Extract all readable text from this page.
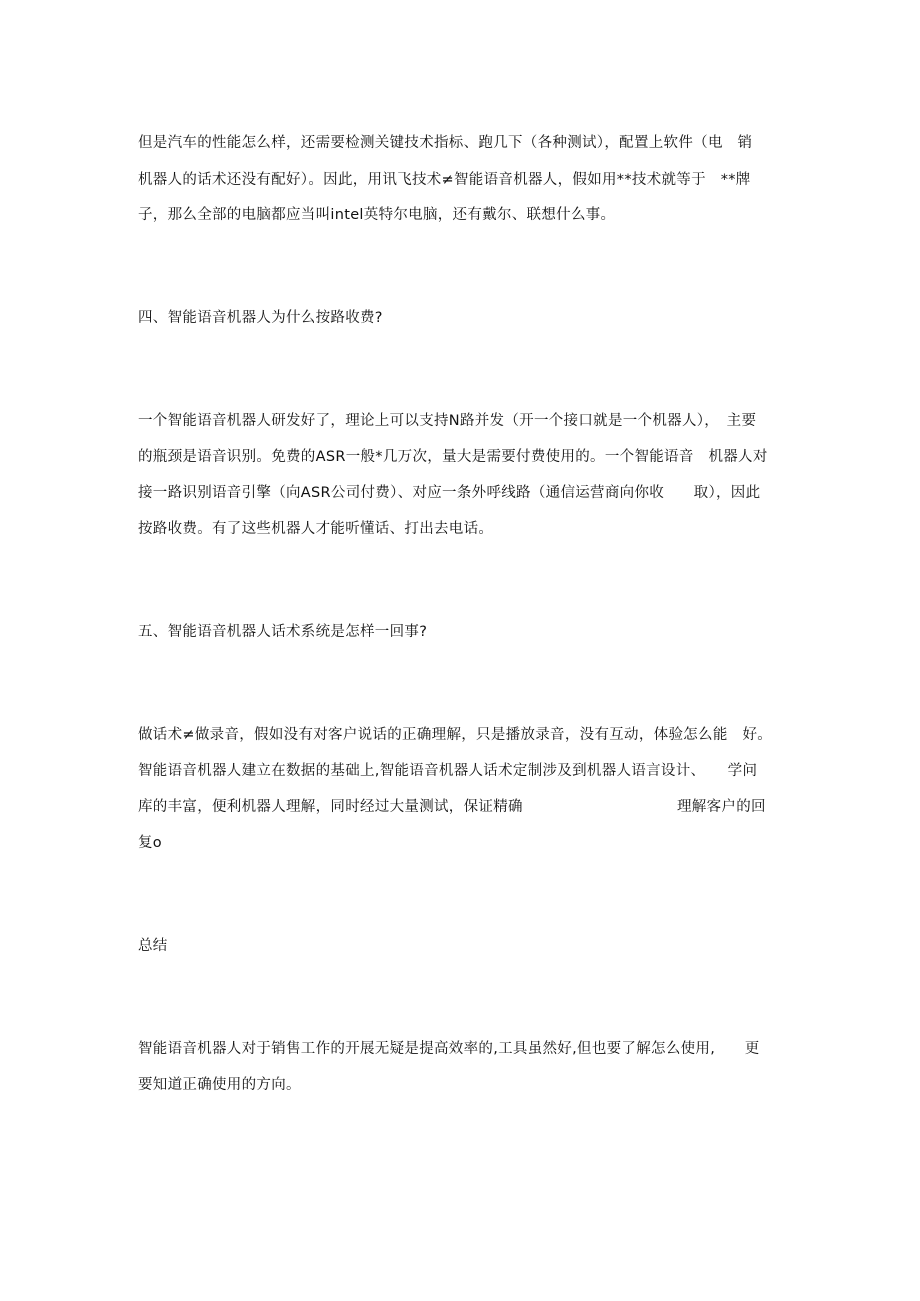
但是汽车的性能怎么样，还需要检测关键技术指标、跑几下（各种测试），配置上软件（电　销
机器人的话术还没有配好）。因此，用讯飞技术≠智能语音机器人，假如用**技术就等于　**牌
子，那么全部的电脑都应当叫intel英特尔电脑，还有戴尔、联想什么事。
四、智能语音机器人为什么按路收费?
一个智能语音机器人研发好了，理论上可以支持N路并发（开一个接口就是一个机器人），　主要
的瓶颈是语音识别。免费的ASR一般*几万次，量大是需要付费使用的。一个智能语音　机器人对
接一路识别语音引擎（向ASR公司付费）、对应一条外呼线路（通信运营商向你收　　取），因此
按路收费。有了这些机器人才能听懂话、打出去电话。
五、智能语音机器人话术系统是怎样一回事?
做话术≠做录音，假如没有对客户说话的正确理解，只是播放录音，没有互动，体验怎么能　好。
智能语音机器人建立在数据的基础上,智能语音机器人话术定制涉及到机器人语言设计、　　学问
库的丰富，便利机器人理解，同时经过大量测试，保证精确	理解客户的回
复o
总结
智能语音机器人对于销售工作的开展无疑是提高效率的,工具虽然好,但也要了解怎么使用,　　更
要知道正确使用的方向。
